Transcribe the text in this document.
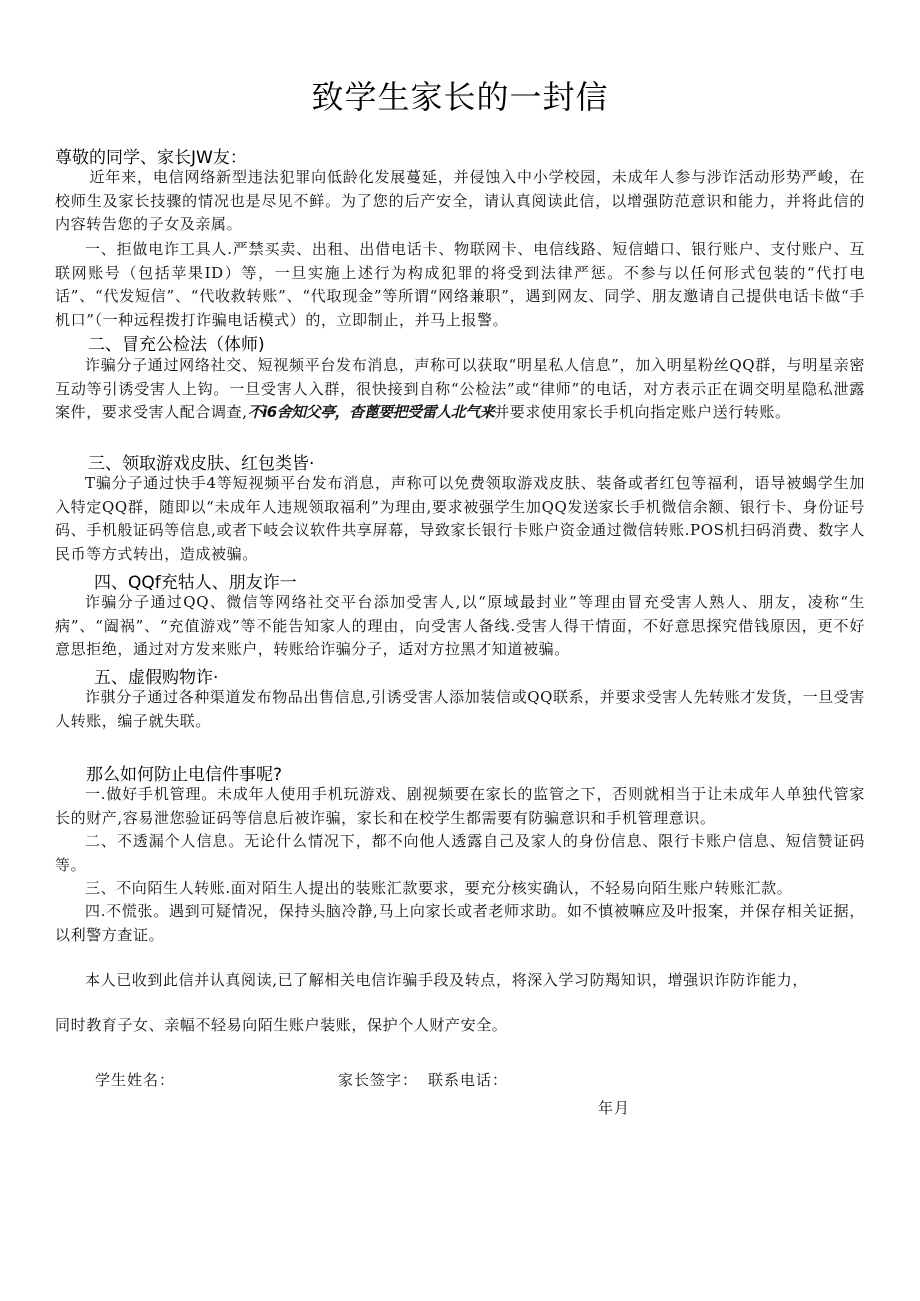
致学生家长的一封信
尊敬的同学、家长JW友：
近年来，电信网络新型违法犯罪向低龄化发展蔓延，并侵蚀入中小学校园，未成年人参与涉诈活动形势严峻，在校师生及家长技骤的情况也是尽见不鲜。为了您的后产安全，请认真阅读此信，以增强防范意识和能力，并将此信的内容转告您的子女及亲属。
一、拒做电诈工具人.严禁买卖、出租、出借电话卡、物联网卡、电信线路、短信蜡口、银行账户、支付账户、互联网账号（包括苹果ID）等，一旦实施上述行为构成犯罪的将受到法律严惩。不参与以任何形式包装的“代打电话”、“代发短信”、“代收救转账”、“代取现金”等所谓“网络兼职”，遇到网友、同学、朋友邀请自己提供电话卡做“手机口”（一种远程拨打诈骗电话模式）的，立即制止，并马上报警。
二、冒充公检法（体师)
诈骗分子通过网络社交、短视频平台发布消息，声称可以获取“明星私人信息”，加入明星粉丝QQ群，与明星亲密互动等引诱受害人上钩。一旦受害人入群，很快接到自称“公检法”或“律师”的电话，对方表示正在调交明星隐私泄露案件，要求受害人配合调查,不i6舍知父亭，杳蓖要把受雷人北气来并要求使用家长手机向指定账户送行转账。
三、领取游戏皮肤、红包类皆·
T骗分子通过快手4等短视频平台发布消息，声称可以免费领取游戏皮肤、装备或者红包等福利，语导被蝎学生加入特定QQ群，随即以“未成年人违规领取福利”为理由,要求被强学生加QQ发送家长手机微信余额、银行卡、身份证号码、手机般证码等信息,或者下岐会议软件共享屏幕，导致家长银行卡账户资金通过微信转账.POS机扫码消费、数字人民币等方式转出，造成被骗。
四、QQf充牯人、朋友诈一
诈骗分子通过QQ、微信等网络社交平台添加受害人,以“原域最封业”等理由冒充受害人熟人、朋友，凌称“生病”、“阖祸”、“充值游戏”等不能告知家人的理由，向受害人备线.受害人得干情面，不好意思探究借钱原因，更不好意思拒绝，通过对方发来账户，转账给诈骗分子，适对方拉黑才知道被骗。
五、虚假购物诈·
诈骐分子通过各种渠道发布物品出售信息,引诱受害人添加装信或QQ联系，并要求受害人先转账才发货，一旦受害人转账，编子就失联。
那么如何防止电信件事呢?
一.做好手机管理。未成年人使用手机玩游戏、剧视频要在家长的监管之下，否则就相当于让未成年人单独代管家长的财产,容易泄您验证码等信息后被诈骗，家长和在校学生都需要有防骗意识和手机管理意识。
二、不透漏个人信息。无论什么情况下，都不向他人透露自己及家人的身份信息、限行卡账户信息、短信赞证码等。
三、不向陌生人转账.面对陌生人提出的装账汇款要求，要充分核实确认，不轻易向陌生账户转账汇款。
四.不慌张。遇到可疑情况，保持头脑冷静,马上向家长或者老师求助。如不慎被嘛应及叶报案，并保存相关证据，以利警方查证。
本人已收到此信并认真阅读,已了解相关电信诈骗手段及转点，将深入学习防羯知识，增强识诈防诈能力，
同时教育子女、亲幅不轻易向陌生账户装账，保护个人财产安全。
学生姓名：	家长签字： 联系电话：
年月
